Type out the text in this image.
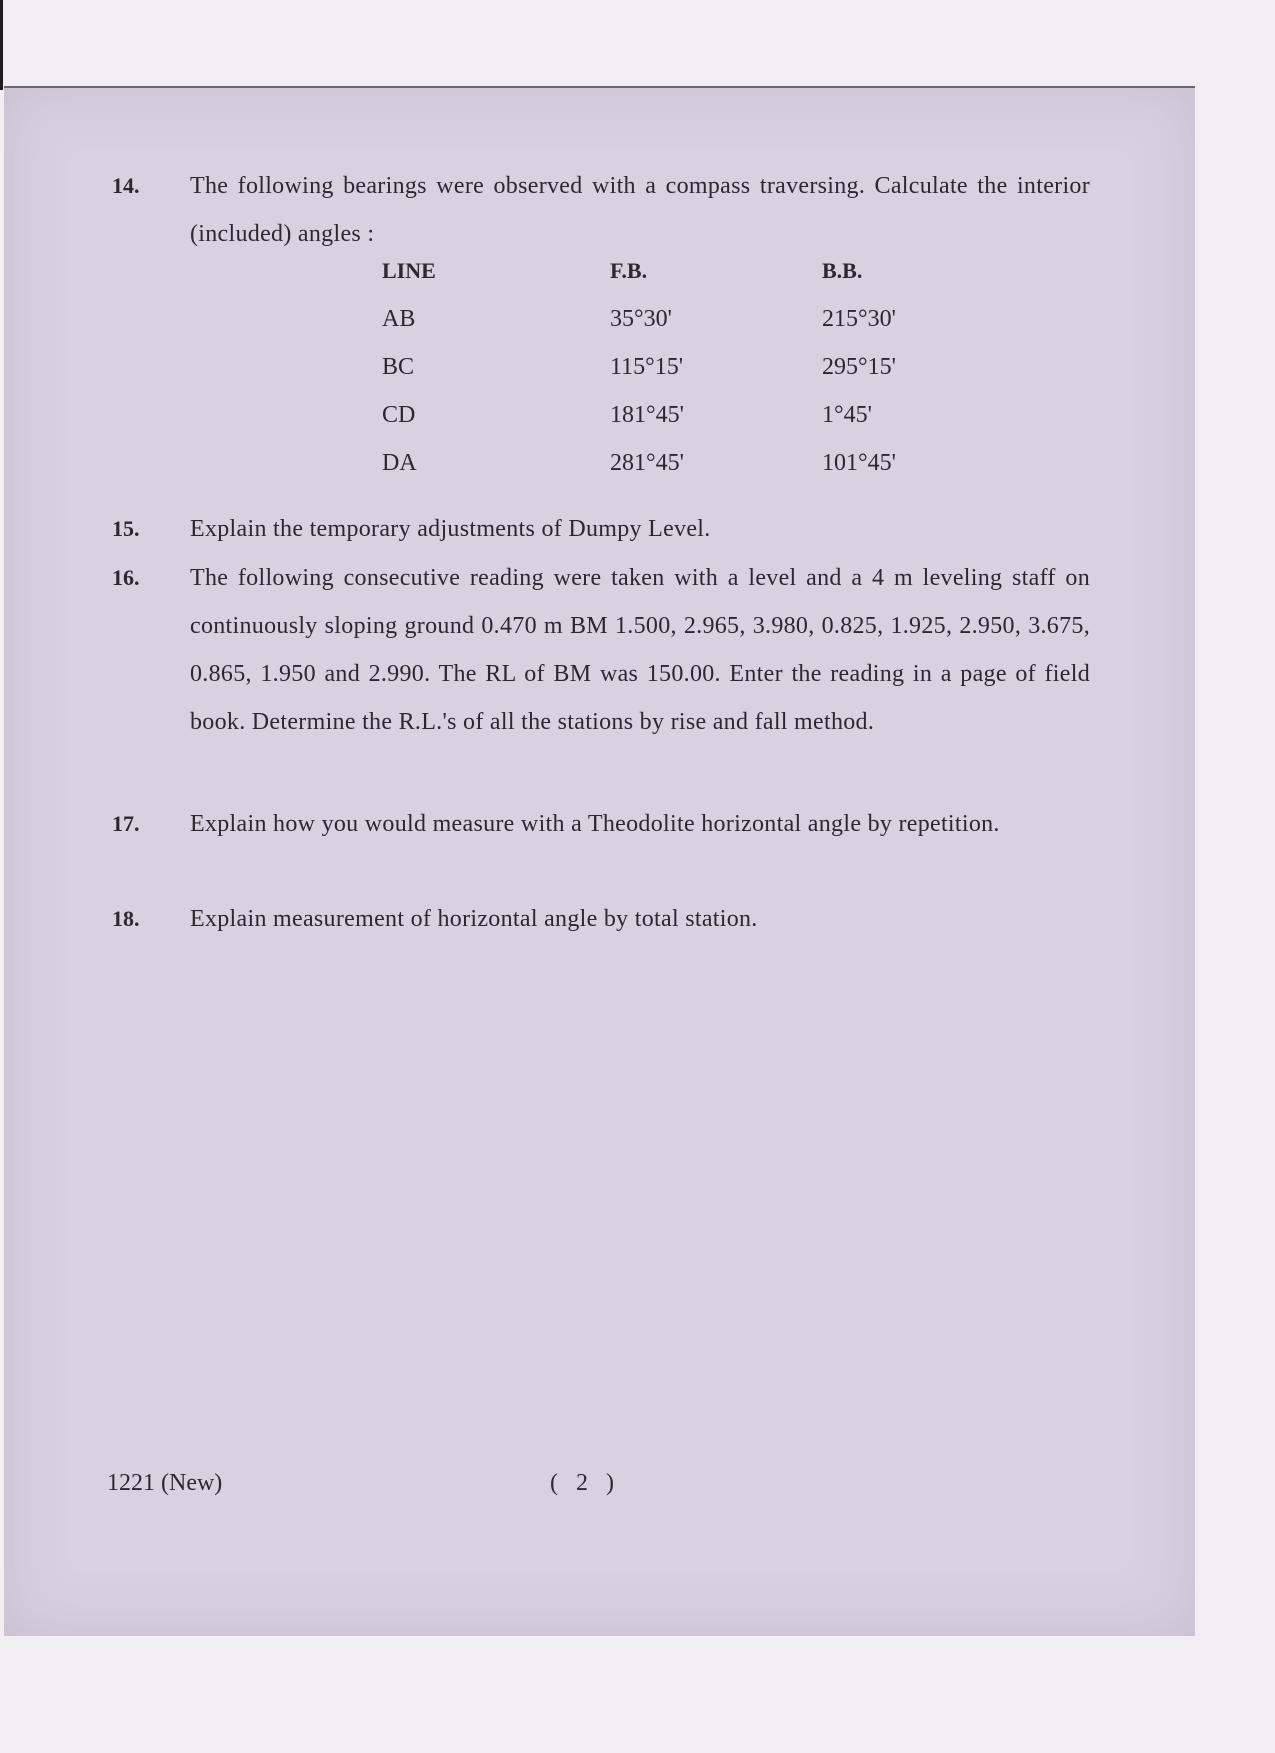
14. The following bearings were observed with a compass traversing. Calculate the interior (included) angles :
LINE	F.B.	B.B.
AB	35°30'	215°30'
BC	115°15'	295°15'
CD	181°45'	1°45'
DA	281°45'	101°45'
15. Explain the temporary adjustments of Dumpy Level.
16. The following consecutive reading were taken with a level and a 4 m leveling staff on continuously sloping ground 0.470 m BM 1.500, 2.965, 3.980, 0.825, 1.925, 2.950, 3.675, 0.865, 1.950 and 2.990. The RL of BM was 150.00. Enter the reading in a page of field book. Determine the R.L.'s of all the stations by rise and fall method.
17. Explain how you would measure with a Theodolite horizontal angle by repetition.
18. Explain measurement of horizontal angle by total station.
1221 (New)	( 2 )
